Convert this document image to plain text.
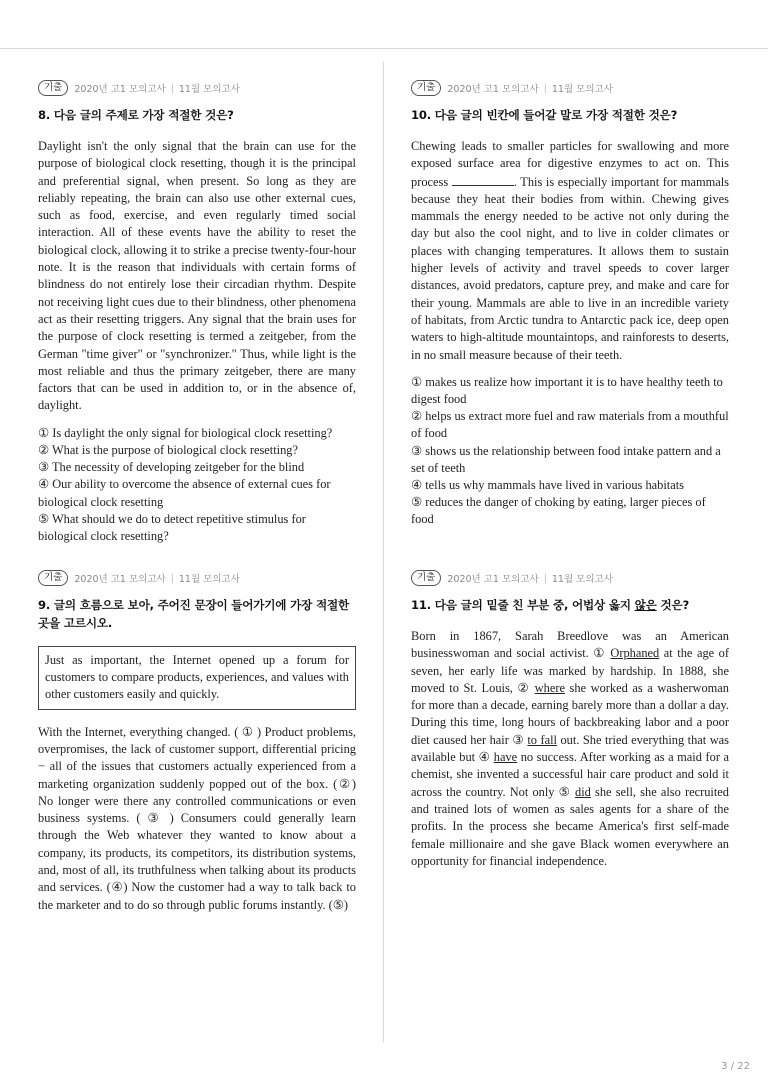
기출	2020년 고1 모의고사 | 11월 모의고사
8. 다음 글의 주제로 가장 적절한 것은?
Daylight isn't the only signal that the brain can use for the purpose of biological clock resetting, though it is the principal and preferential signal, when present. So long as they are reliably repeating, the brain can also use other external cues, such as food, exercise, and even regularly timed social interaction. All of these events have the ability to reset the biological clock, allowing it to strike a precise twenty-four-hour note. It is the reason that individuals with certain forms of blindness do not entirely lose their circadian rhythm. Despite not receiving light cues due to their blindness, other phenomena act as their resetting triggers. Any signal that the brain uses for the purpose of clock resetting is termed a zeitgeber, from the German "time giver" or "synchronizer." Thus, while light is the most reliable and thus the primary zeitgeber, there are many factors that can be used in addition to, or in the absence of, daylight.
① Is daylight the only signal for biological clock resetting?
② What is the purpose of biological clock resetting?
③ The necessity of developing zeitgeber for the blind
④ Our ability to overcome the absence of external cues for biological clock resetting
⑤ What should we do to detect repetitive stimulus for biological clock resetting?
기출	2020년 고1 모의고사 | 11월 모의고사
9. 글의 흐름으로 보아, 주어진 문장이 들어가기에 가장 적절한 곳을 고르시오.
Just as important, the Internet opened up a forum for customers to compare products, experiences, and values with other customers easily and quickly.
With the Internet, everything changed. ( ① ) Product problems, overpromises, the lack of customer support, differential pricing − all of the issues that customers actually experienced from a marketing organization suddenly popped out of the box. (②) No longer were there any controlled communications or even business systems. ( ③ ) Consumers could generally learn through the Web whatever they wanted to know about a company, its products, its competitors, its distribution systems, and, most of all, its truthfulness when talking about its products and services. (④) Now the customer had a way to talk back to the marketer and to do so through public forums instantly. (⑤)
기출	2020년 고1 모의고사 | 11월 모의고사
10. 다음 글의 빈칸에 들어갈 말로 가장 적절한 것은?
Chewing leads to smaller particles for swallowing and more exposed surface area for digestive enzymes to act on. This process	. This is especially important for mammals because they heat their bodies from within. Chewing gives mammals the energy needed to be active not only during the day but also the cool night, and to live in colder climates or places with changing temperatures. It allows them to sustain higher levels of activity and travel speeds to cover larger distances, avoid predators, capture prey, and make and care for their young. Mammals are able to live in an incredible variety of habitats, from Arctic tundra to Antarctic pack ice, deep open waters to high-altitude mountaintops, and rainforests to deserts, in no small measure because of their teeth.
① makes us realize how important it is to have healthy teeth to digest food
② helps us extract more fuel and raw materials from a mouthful of food
③ shows us the relationship between food intake pattern and a set of teeth
④ tells us why mammals have lived in various habitats
⑤ reduces the danger of choking by eating, larger pieces of food
기출	2020년 고1 모의고사 | 11월 모의고사
11. 다음 글의 밑줄 친 부분 중, 어법상 옳지 않은 것은?
Born in 1867, Sarah Breedlove was an American businesswoman and social activist. ① Orphaned at the age of seven, her early life was marked by hardship. In 1888, she moved to St. Louis, ② where she worked as a washerwoman for more than a decade, earning barely more than a dollar a day. During this time, long hours of backbreaking labor and a poor diet caused her hair ③ to fall out. She tried everything that was available but ④ have no success. After working as a maid for a chemist, she invented a successful hair care product and sold it across the country. Not only ⑤ did she sell, she also recruited and trained lots of women as sales agents for a share of the profits. In the process she became America's first self-made female millionaire and she gave Black women everywhere an opportunity for financial independence.
3 / 22
